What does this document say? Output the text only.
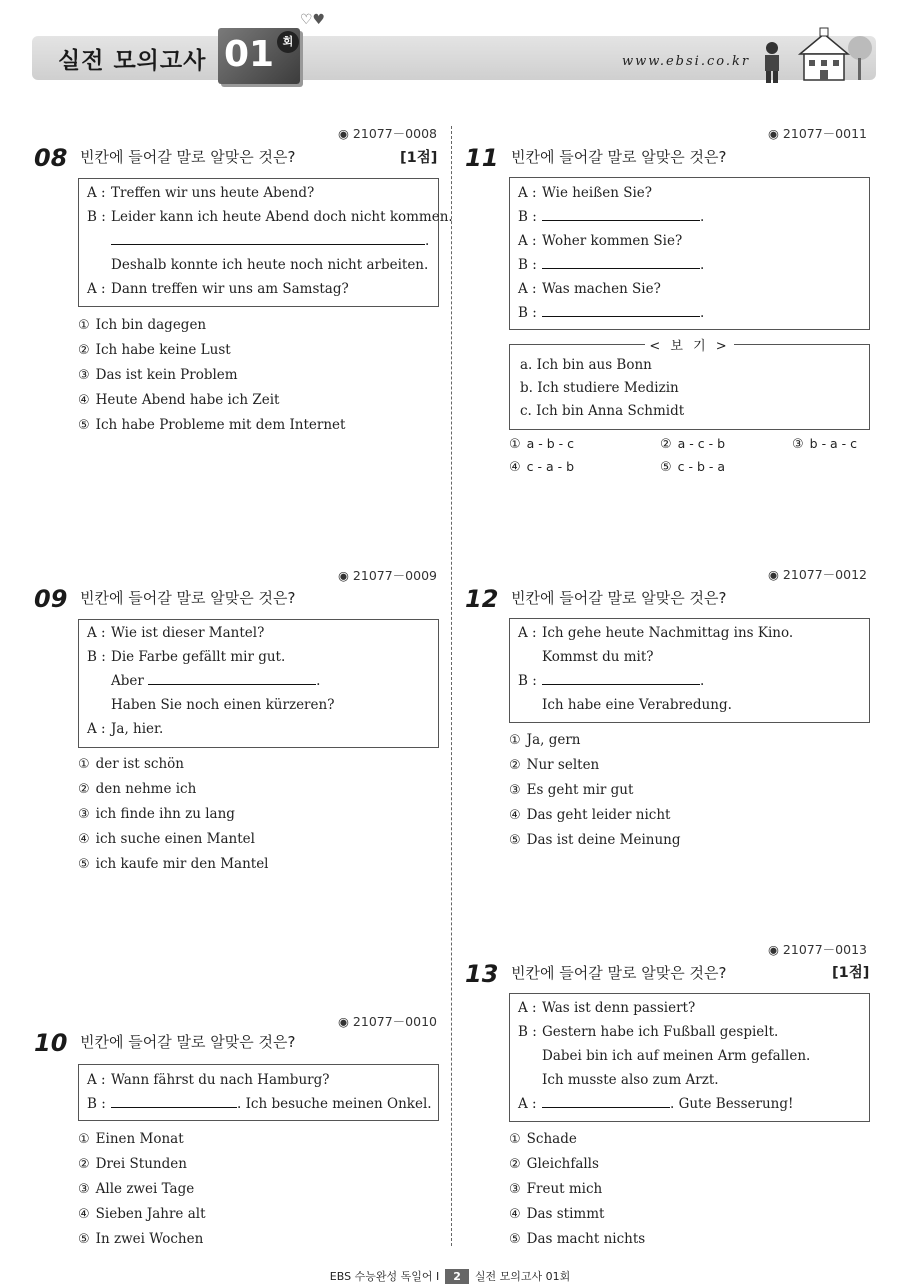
실전 모의고사 01 회
♡♥
www.ebsi.co.kr
◉ 21077－0008
08 빈칸에 들어갈 말로 알맞은 것은?	[1점]
A : Treffen wir uns heute Abend?
B : Leider kann ich heute Abend doch nicht kommen.
.
Deshalb konnte ich heute noch nicht arbeiten.
A : Dann treffen wir uns am Samstag?
① Ich bin dagegen
② Ich habe keine Lust
③ Das ist kein Problem
④ Heute Abend habe ich Zeit
⑤ Ich habe Probleme mit dem Internet
◉ 21077－0009
09 빈칸에 들어갈 말로 알맞은 것은?
A : Wie ist dieser Mantel?
B : Die Farbe gefällt mir gut.
Aber	.
Haben Sie noch einen kürzeren?
A : Ja, hier.
① der ist schön
② den nehme ich
③ ich finde ihn zu lang
④ ich suche einen Mantel
⑤ ich kaufe mir den Mantel
◉ 21077－0010
10 빈칸에 들어갈 말로 알맞은 것은?
A : Wann fährst du nach Hamburg?
B :	. Ich besuche meinen Onkel.
① Einen Monat
② Drei Stunden
③ Alle zwei Tage
④ Sieben Jahre alt
⑤ In zwei Wochen
◉ 21077－0011
11 빈칸에 들어갈 말로 알맞은 것은?
A : Wie heißen Sie?
B :	.
A : Woher kommen Sie?
B :	.
A : Was machen Sie?
B :	.
< 보 기 >
a. Ich bin aus Bonn
b. Ich studiere Medizin
c. Ich bin Anna Schmidt
① a - b - c	② a - c - b	③ b - a - c
④ c - a - b	⑤ c - b - a
◉ 21077－0012
12 빈칸에 들어갈 말로 알맞은 것은?
A : Ich gehe heute Nachmittag ins Kino.
Kommst du mit?
B :	.
Ich habe eine Verabredung.
① Ja, gern
② Nur selten
③ Es geht mir gut
④ Das geht leider nicht
⑤ Das ist deine Meinung
◉ 21077－0013
13 빈칸에 들어갈 말로 알맞은 것은?	[1점]
A : Was ist denn passiert?
B : Gestern habe ich Fußball gespielt.
Dabei bin ich auf meinen Arm gefallen.
Ich musste also zum Arzt.
A :	. Gute Besserung!
① Schade
② Gleichfalls
③ Freut mich
④ Das stimmt
⑤ Das macht nichts
EBS 수능완성 독일어 Ⅰ 2 실전 모의고사 01회
